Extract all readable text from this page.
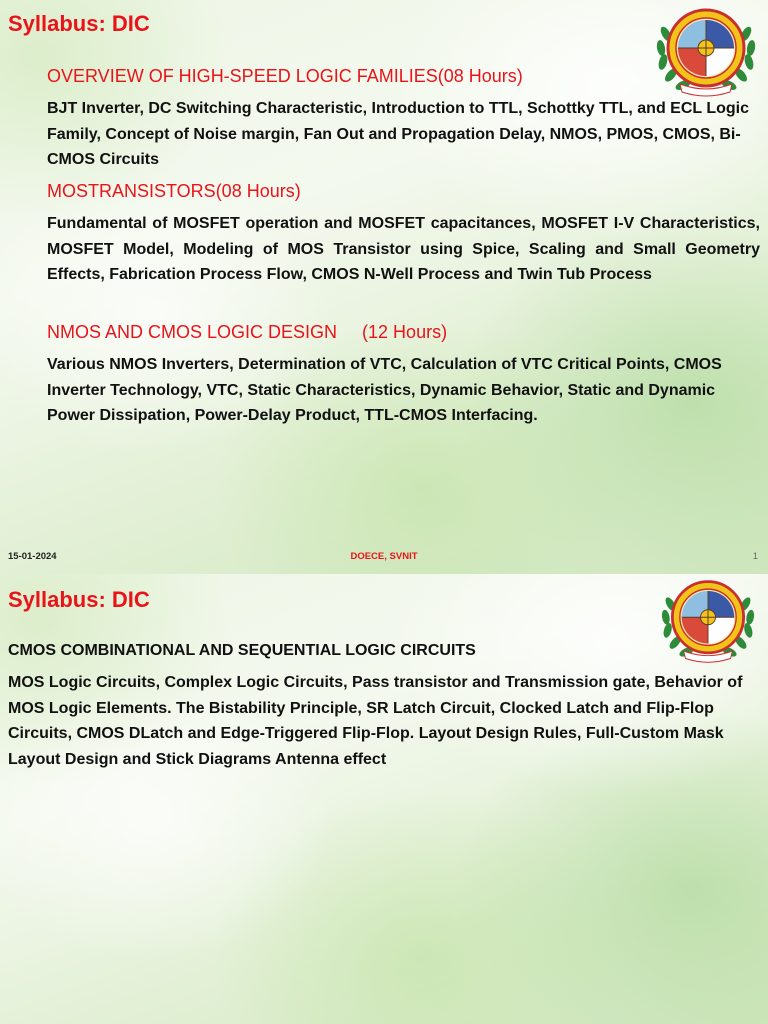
Syllabus: DIC
OVERVIEW OF HIGH-SPEED LOGIC FAMILIES(08 Hours)
BJT Inverter, DC Switching Characteristic, Introduction to TTL, Schottky TTL, and ECL Logic Family, Concept of Noise margin, Fan Out and Propagation Delay, NMOS, PMOS, CMOS, Bi- CMOS Circuits
MOSTRANSISTORS(08 Hours)
Fundamental of MOSFET operation and MOSFET capacitances, MOSFET I-V Characteristics, MOSFET Model, Modeling of MOS Transistor using Spice, Scaling and Small Geometry Effects, Fabrication Process Flow, CMOS N-Well Process and Twin Tub Process
NMOS AND CMOS LOGIC DESIGN     (12 Hours)
Various NMOS Inverters, Determination of VTC, Calculation of VTC Critical Points, CMOS Inverter Technology, VTC, Static Characteristics, Dynamic Behavior, Static and Dynamic Power Dissipation, Power-Delay Product, TTL-CMOS Interfacing.
15-01-2024	DOECE, SVNIT	1
Syllabus: DIC
CMOS COMBINATIONAL AND SEQUENTIAL LOGIC CIRCUITS
MOS Logic Circuits, Complex Logic Circuits, Pass transistor and Transmission gate, Behavior of MOS Logic Elements. The Bistability Principle, SR Latch Circuit, Clocked Latch and Flip-Flop Circuits, CMOS DLatch and Edge-Triggered Flip-Flop. Layout Design Rules, Full-Custom Mask Layout Design and Stick Diagrams Antenna effect
